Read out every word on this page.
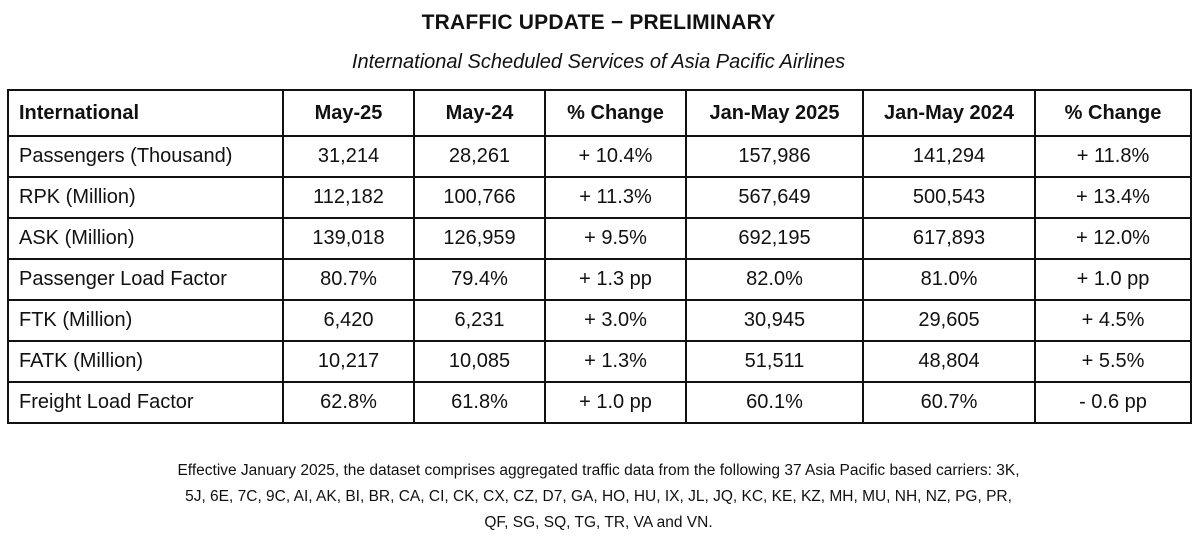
TRAFFIC UPDATE − PRELIMINARY
International Scheduled Services of Asia Pacific Airlines
International	May-25	May-24	% Change	Jan-May 2025	Jan-May 2024	% Change
Passengers (Thousand)	31,214	28,261	+ 10.4%	157,986	141,294	+ 11.8%
RPK (Million)	112,182	100,766	+ 11.3%	567,649	500,543	+ 13.4%
ASK (Million)	139,018	126,959	+ 9.5%	692,195	617,893	+ 12.0%
Passenger Load Factor	80.7%	79.4%	+ 1.3 pp	82.0%	81.0%	+ 1.0 pp
FTK (Million)	6,420	6,231	+ 3.0%	30,945	29,605	+ 4.5%
FATK (Million)	10,217	10,085	+ 1.3%	51,511	48,804	+ 5.5%
Freight Load Factor	62.8%	61.8%	+ 1.0 pp	60.1%	60.7%	- 0.6 pp
Effective January 2025, the dataset comprises aggregated traffic data from the following 37 Asia Pacific based carriers: 3K,
5J, 6E, 7C, 9C, AI, AK, BI, BR, CA, CI, CK, CX, CZ, D7, GA, HO, HU, IX, JL, JQ, KC, KE, KZ, MH, MU, NH, NZ, PG, PR,
QF, SG, SQ, TG, TR, VA and VN.
